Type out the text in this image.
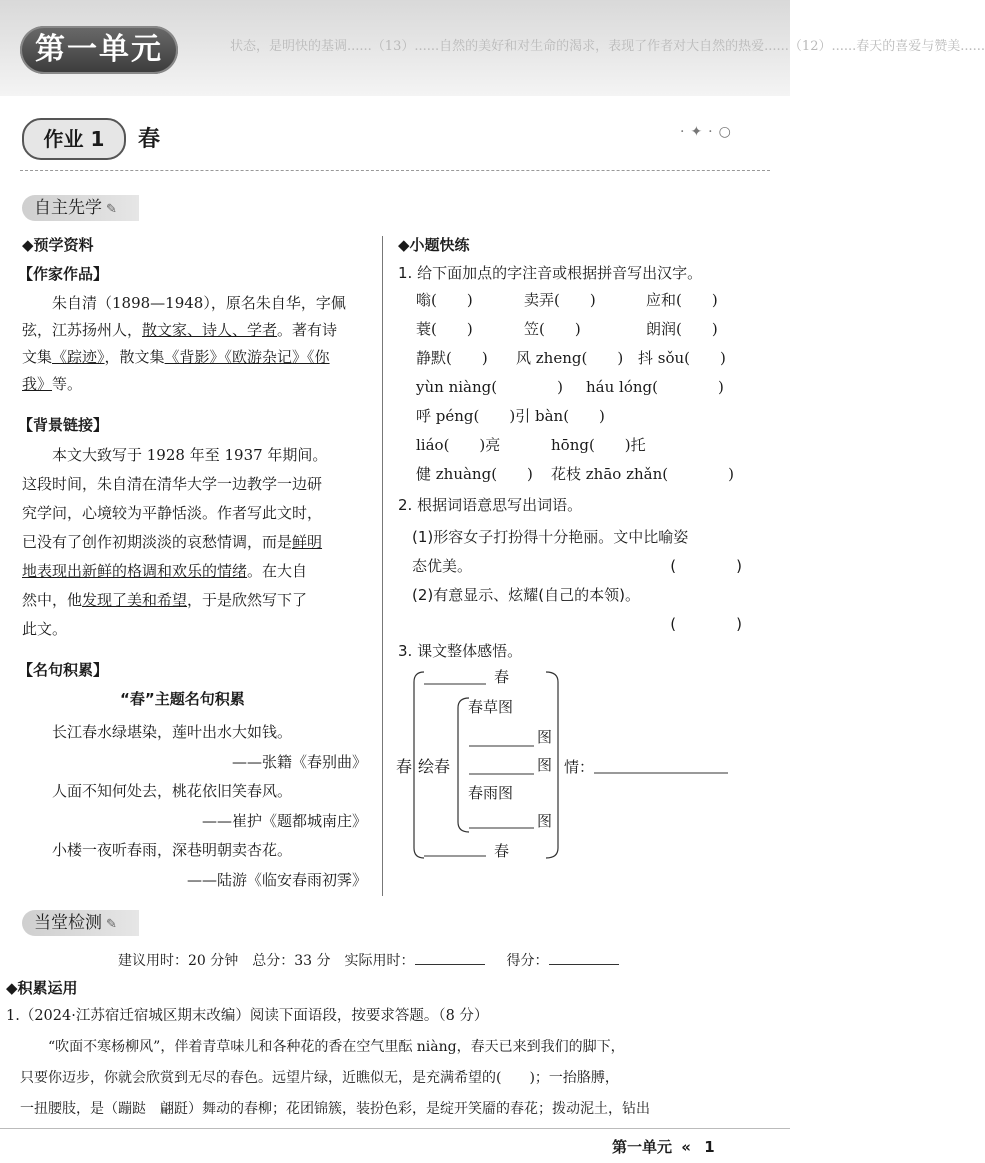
状态，是明快的基调......（13）......自然的美好和对生命的渴求，表现了作者对大自然的热爱......（12）......春天的喜爱与赞美......
第一单元
作业 1	春	·✦·○
自主先学 ✎
◆预学资料
【作家作品】
朱自清（1898—1948），原名朱自华，字佩
弦，江苏扬州人，散文家、诗人、学者。著有诗
文集《踪迹》，散文集《背影》《欧游杂记》《你
我》等。
【背景链接】
本文大致写于 1928 年至 1937 年期间。
这段时间，朱自清在清华大学一边教学一边研
究学问，心境较为平静恬淡。作者写此文时，
已没有了创作初期淡淡的哀愁情调，而是鲜明
地表现出新鲜的格调和欢乐的情绪。在大自
然中，他发现了美和希望，于是欣然写下了
此文。
【名句积累】
“春”主题名句积累
长江春水绿堪染，莲叶出水大如钱。
——张籍《春别曲》
人面不知何处去，桃花依旧笑春风。
——崔护《题都城南庄》
小楼一夜听春雨，深巷明朝卖杏花。
——陆游《临安春雨初霁》
◆小题快练
1. 给下面加点的字注音或根据拼音写出汉字。
嗡(　　)	卖弄(　　)	应和(　　)
蓑(　　)	笠(　　)	朗润(　　)
静默(　　) 风 zheng(　　) 抖 sǒu(　　)
yùn niàng(　　　　) háu lóng(　　　　)
呼 péng(　　)引 bàn(　　)
liáo(　　)亮	hōng(　　)托
健 zhuàng(　　) 花枝 zhāo zhǎn(　　　　)
2. 根据词语意思写出词语。
(1)形容女子打扮得十分艳丽。文中比喻姿
态优美。	(　　　　)
(2)有意显示、炫耀(自己的本领)。
(　　　　)
3. 课文整体感悟。
春
春草图
图
春 绘春	图 情：
春雨图
图
春
当堂检测 ✎
建议用时：20 分钟　总分：33 分　实际用时：	得分：
◆积累运用
1.（2024·江苏宿迁宿城区期末改编）阅读下面语段，按要求答题。（8 分）
“吹面不寒杨柳风”，伴着青草味儿和各种花的香在空气里酝 niàng，春天已来到我们的脚下，
只要你迈步，你就会欣赏到无尽的春色。远望片绿，近瞧似无，是充满希望的(　　)；一抬胳膊，
一扭腰肢，是（蹦跶　翩跹）舞动的春柳；花团锦簇，装扮色彩，是绽开笑靥的春花；拨动泥土，钻出
第一单元 « 1
